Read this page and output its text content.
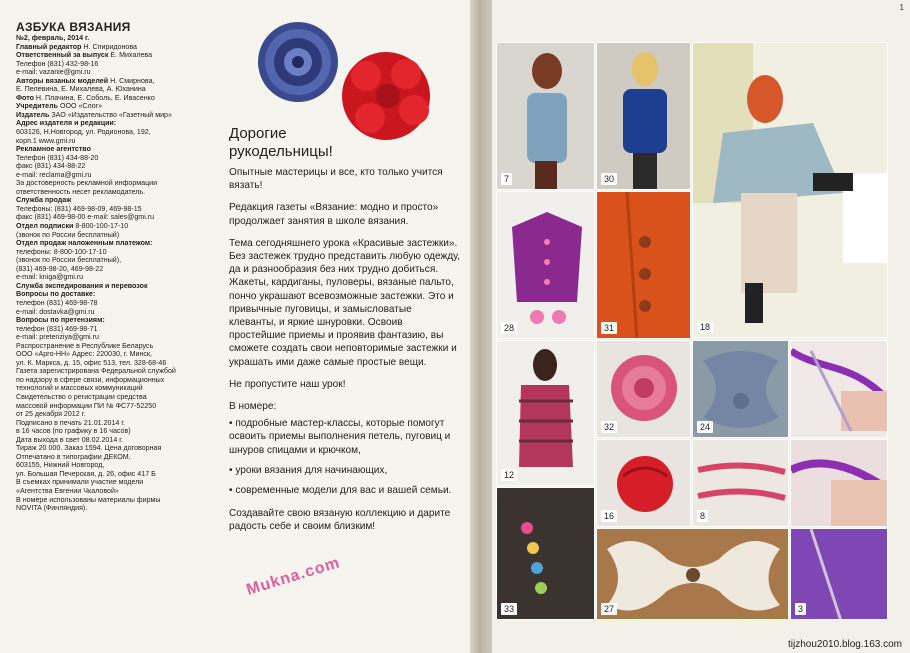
АЗБУКА ВЯЗАНИЯ
№2, февраль, 2014 г.
Главный редактор Н. Спиридонова
Ответственный за выпуск Е. Михалева
Телефон (831) 432-98-16
e-mail: vazanie@gmi.ru
Авторы вязаных моделей Н. Смирнова,
Е. Пелевина, Е. Михалева, А. Юханина
Фото Н. Плачина, Е. Соболь, Е. Ивасенко
Учредитель ООО «Слог»
Издатель ЗАО «Издательство «Газетный мир»
Адрес издателя и редакции:
603126, Н.Новгород, ул. Родионова, 192,
корп.1 www.gmi.ru
Рекламное агентство
Телефон (831) 434-88-20
факс (831) 434-88-22
e-mail: reclama@gmi.ru
За достоверность рекламной информации
ответственность несет рекламодатель.
Служба продаж
Телефоны: (831) 469-98-09, 469-98-15
факс (831) 469-98-00 e-mail: sales@gmi.ru
Отдел подписки 8-800-100-17-10
(звонок по России бесплатный)
Отдел продаж наложенным платежом:
телефоны: 8-800-100-17-10
(звонок по России бесплатный),
(831) 469-98-20, 469-98-22
e-mail: kniga@gmi.ru
Служба экспедирования и перевозок
Вопросы по доставке:
телефон (831) 469-98-78
e-mail: dostavka@gmi.ru
Вопросы по претензиям:
телефон (831) 469-98-71
e-mail: pretenziya@gmi.ru
Распространение в Республике Беларусь
ООО «Арго-НН» Адрес: 220030, г. Минск,
ул. К. Маркса, д. 15, офис 513, тел. 328-68-46
Газета зарегистрирована Федеральной службой
по надзору в сфере связи, информационных
технологий и массовых коммуникаций
Свидетельство о регистрации средства
массовой информации ПИ № ФС77-52250
от 25 декабря 2012 г.
Подписано в печать 21.01.2014 г.
в 16 часов (по графику в 16 часов)
Дата выхода в свет 08.02.2014 г.
Тираж 20 000. Заказ 1594. Цена договорная
Отпечатано в типографии ДЕКОМ,
603155, Нижний Новгород,
ул. Большая Печерская, д. 26, офис 417 Б
В съемках принимали участие модели
«Агентства Евгении Чкаловой»
В номере использованы материалы фирмы
NOVITA (Финляндия).
Дорогие
рукодельницы!

Опытные мастерицы и все, кто только учится вязать!

Редакция газеты «Вязание: модно и просто» продолжает занятия в школе вязания.

Тема сегодняшнего урока «Красивые застежки». Без застежек трудно представить любую одежду, да и разнообразия без них трудно добиться. Жакеты, кардиганы, пуловеры, вязаные пальто, пончо украшают всевозможные застежки. Это и привычные пуговицы, и замысловатые клеванты, и яркие шнуровки. Освоив простейшие приемы и проявив фантазию, вы сможете создать свои неповторимые застежки и украшать ими даже самые простые вещи.

Не пропустите наш урок!

В номере:

• подробные мастер-классы, которые помогут освоить приемы выполнения петель, пуговиц и шнуров спицами и крючком,
• уроки вязания для начинающих,
• современные модели для вас и вашей семьи.

Создавайте свою вязаную коллекцию и дарите радость себе и своим близким!

Mukna.com
1
7	30
18
28	31
12
32	24
16	8
33	27	3
tijzhou2010.blog.163.com
